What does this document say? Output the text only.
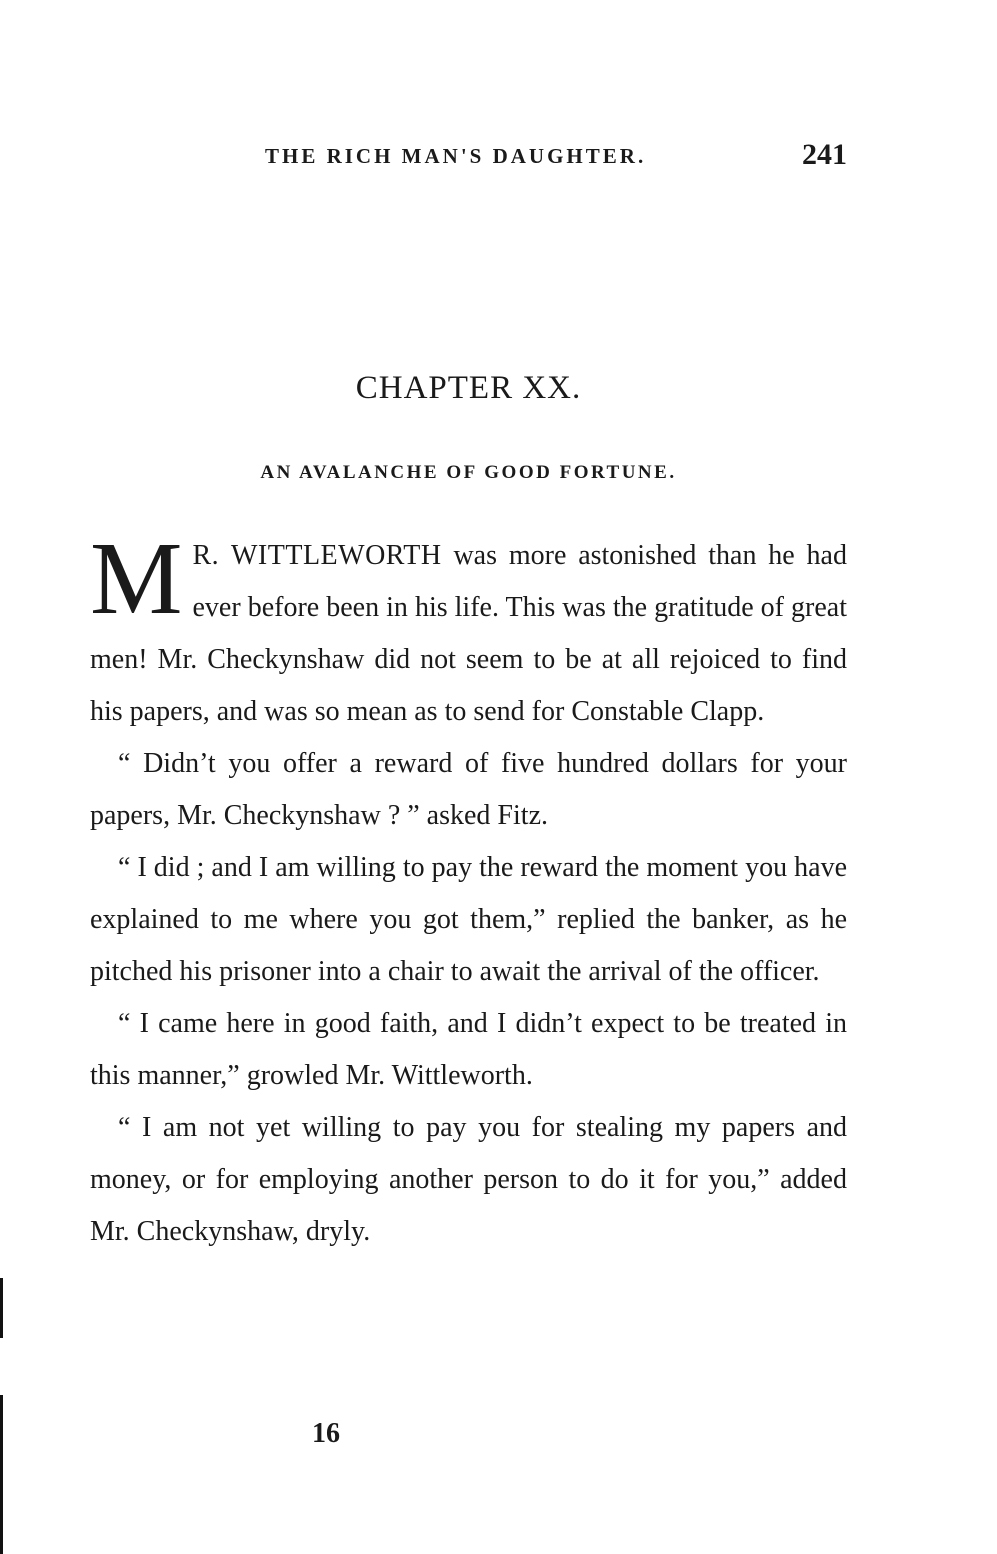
THE RICH MAN'S DAUGHTER.	241
CHAPTER XX.
AN AVALANCHE OF GOOD FORTUNE.

M R. WITTLEWORTH was more astonished than he had ever before been in his life. This was the gratitude of great men! Mr. Checkynshaw did not seem to be at all rejoiced to find his papers, and was so mean as to send for Constable Clapp.

“ Didn’t you offer a reward of five hundred dollars for your papers, Mr. Checkynshaw ? ” asked Fitz.

“ I did ; and I am willing to pay the reward the moment you have explained to me where you got them,” replied the banker, as he pitched his prisoner into a chair to await the arrival of the officer.

“ I came here in good faith, and I didn’t expect to be treated in this manner,” growled Mr. Wittleworth.

“ I am not yet willing to pay you for stealing my papers and money, or for employing another person to do it for you,” added Mr. Checkynshaw, dryly.

16
